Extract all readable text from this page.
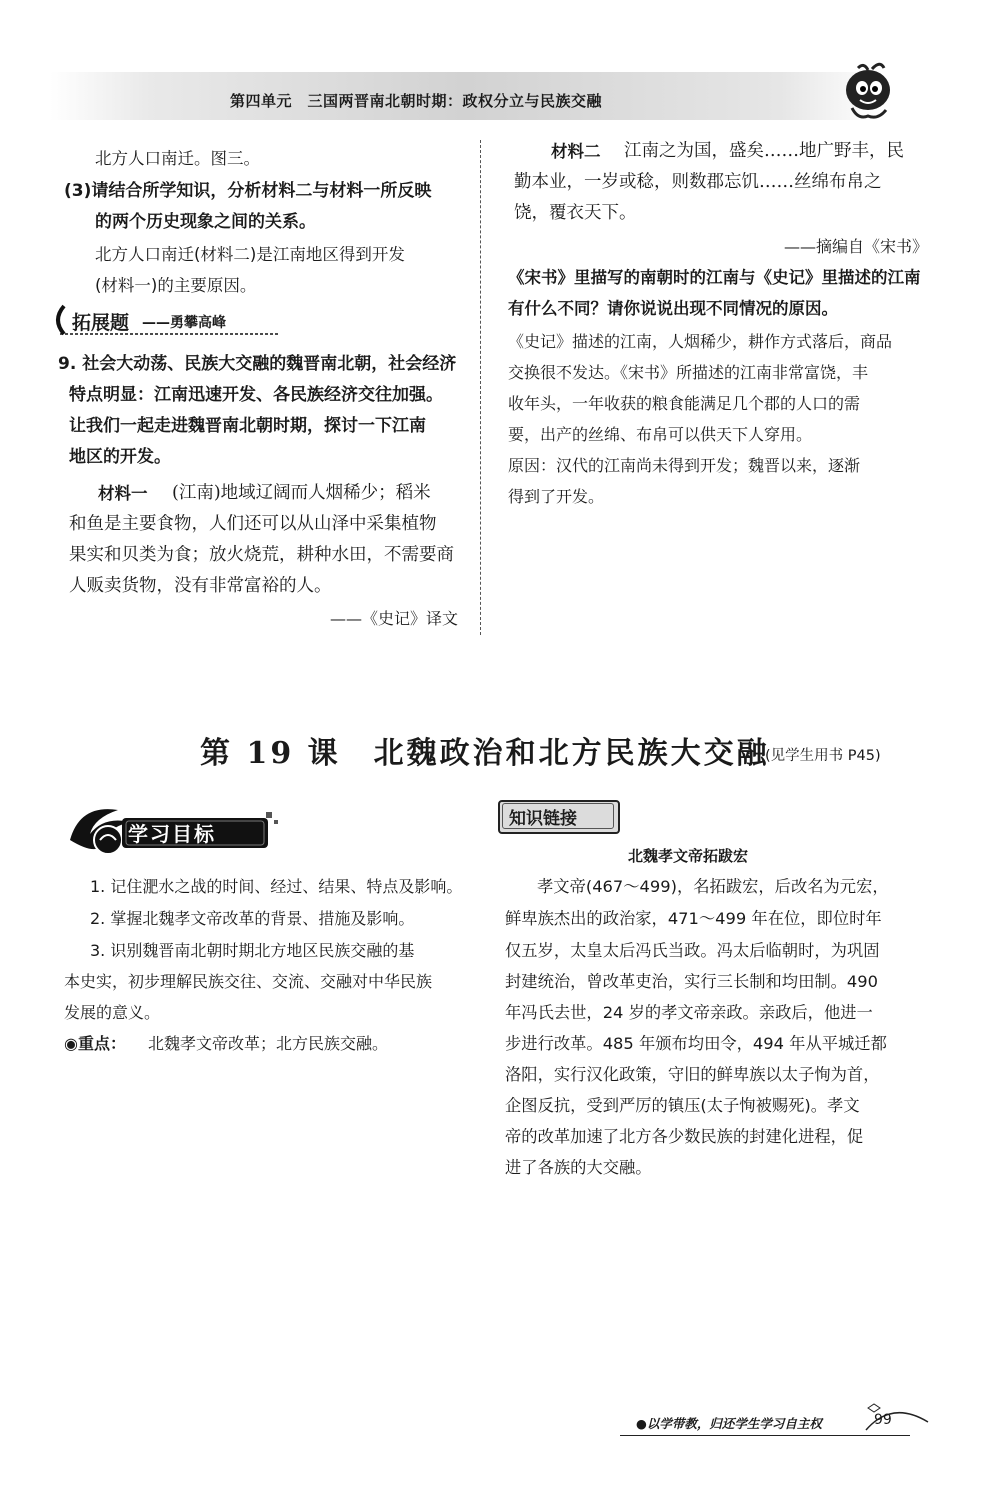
第四单元　三国两晋南北朝时期：政权分立与民族交融
北方人口南迁。图三。
(3)请结合所学知识，分析材料二与材料一所反映
的两个历史现象之间的关系。
北方人口南迁(材料二)是江南地区得到开发
(材料一)的主要原因。
拓展题 ——勇攀高峰
9. 社会大动荡、民族大交融的魏晋南北朝，社会经济
特点明显：江南迅速开发、各民族经济交往加强。
让我们一起走进魏晋南北朝时期，探讨一下江南
地区的开发。
材料一 (江南)地域辽阔而人烟稀少；稻米
和鱼是主要食物，人们还可以从山泽中采集植物
果实和贝类为食；放火烧荒，耕种水田，不需要商
人贩卖货物，没有非常富裕的人。
——《史记》译文
材料二 江南之为国，盛矣……地广野丰，民
勤本业，一岁或稔，则数郡忘饥……丝绵布帛之
饶，覆衣天下。
——摘编自《宋书》
《宋书》里描写的南朝时的江南与《史记》里描述的江南
有什么不同？请你说说出现不同情况的原因。
《史记》描述的江南，人烟稀少，耕作方式落后，商品
交换很不发达。《宋书》所描述的江南非常富饶，丰
收年头，一年收获的粮食能满足几个郡的人口的需
要，出产的丝绵、布帛可以供天下人穿用。
原因：汉代的江南尚未得到开发；魏晋以来，逐渐
得到了开发。
第 19 课　北魏政治和北方民族大交融
(见学生用书 P45)
学习目标
1. 记住淝水之战的时间、经过、结果、特点及影响。
2. 掌握北魏孝文帝改革的背景、措施及影响。
3. 识别魏晋南北朝时期北方地区民族交融的基
本史实，初步理解民族交往、交流、交融对中华民族
发展的意义。
◉重点： 北魏孝文帝改革；北方民族交融。
知识链接
北魏孝文帝拓跋宏
孝文帝(467～499)，名拓跋宏，后改名为元宏，
鲜卑族杰出的政治家，471～499 年在位，即位时年
仅五岁，太皇太后冯氏当政。冯太后临朝时，为巩固
封建统治，曾改革吏治，实行三长制和均田制。490
年冯氏去世，24 岁的孝文帝亲政。亲政后，他进一
步进行改革。485 年颁布均田令，494 年从平城迁都
洛阳，实行汉化政策，守旧的鲜卑族以太子恂为首，
企图反抗，受到严厉的镇压(太子恂被赐死)。孝文
帝的改革加速了北方各少数民族的封建化进程，促
进了各族的大交融。
●以学带教，归还学生学习自主权	99
